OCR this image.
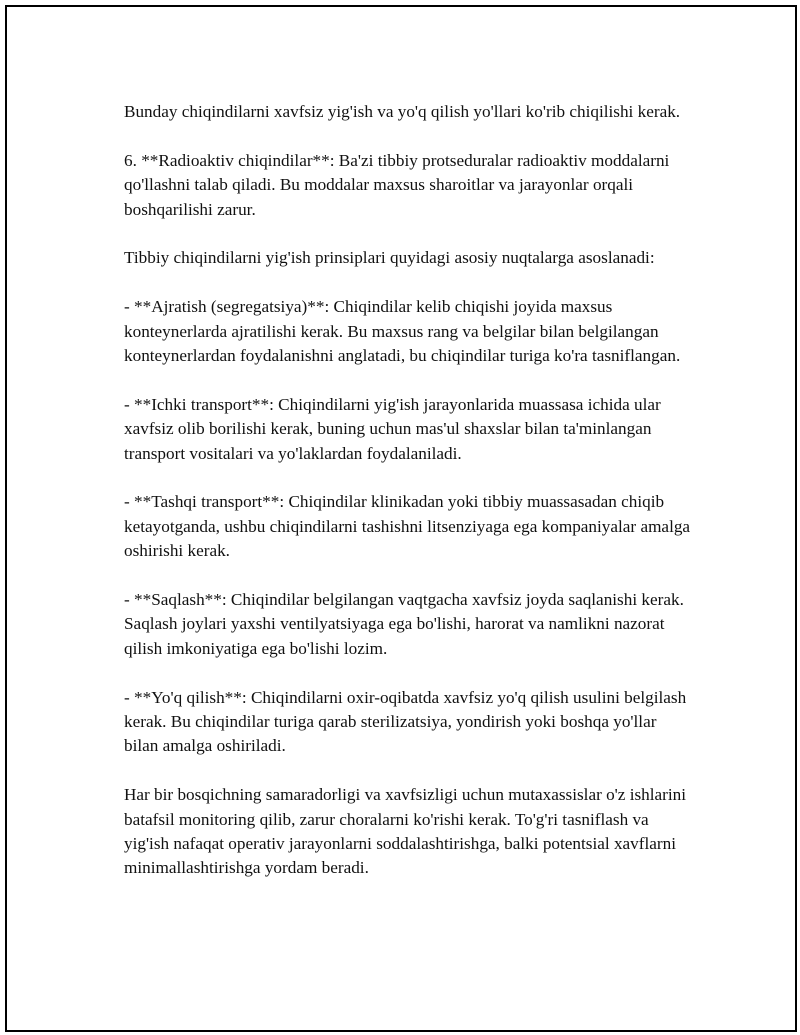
Bunday chiqindilarni xavfsiz yig'ish va yo'q qilish yo'llari ko'rib chiqilishi kerak.

6. **Radioaktiv chiqindilar**: Ba'zi tibbiy protseduralar radioaktiv moddalarni qo'llashni talab qiladi. Bu moddalar maxsus sharoitlar va jarayonlar orqali boshqarilishi zarur.

Tibbiy chiqindilarni yig'ish prinsiplari quyidagi asosiy nuqtalarga asoslanadi:

- **Ajratish (segregatsiya)**: Chiqindilar kelib chiqishi joyida maxsus konteynerlarda ajratilishi kerak. Bu maxsus rang va belgilar bilan belgilangan konteynerlardan foydalanishni anglatadi, bu chiqindilar turiga ko'ra tasniflangan.

- **Ichki transport**: Chiqindilarni yig'ish jarayonlarida muassasa ichida ular xavfsiz olib borilishi kerak, buning uchun mas'ul shaxslar bilan ta'minlangan transport vositalari va yo'laklardan foydalaniladi.

- **Tashqi transport**: Chiqindilar klinikadan yoki tibbiy muassasadan chiqib ketayotganda, ushbu chiqindilarni tashishni litsenziyaga ega kompaniyalar amalga oshirishi kerak.

- **Saqlash**: Chiqindilar belgilangan vaqtgacha xavfsiz joyda saqlanishi kerak. Saqlash joylari yaxshi ventilyatsiyaga ega bo'lishi, harorat va namlikni nazorat qilish imkoniyatiga ega bo'lishi lozim.

- **Yo'q qilish**: Chiqindilarni oxir-oqibatda xavfsiz yo'q qilish usulini belgilash kerak. Bu chiqindilar turiga qarab sterilizatsiya, yondirish yoki boshqa yo'llar bilan amalga oshiriladi.

Har bir bosqichning samaradorligi va xavfsizligi uchun mutaxassislar o'z ishlarini batafsil monitoring qilib, zarur choralarni ko'rishi kerak. To'g'ri tasniflash va yig'ish nafaqat operativ jarayonlarni soddalashtirishga, balki potentsial xavflarni minimallashtirishga yordam beradi.
